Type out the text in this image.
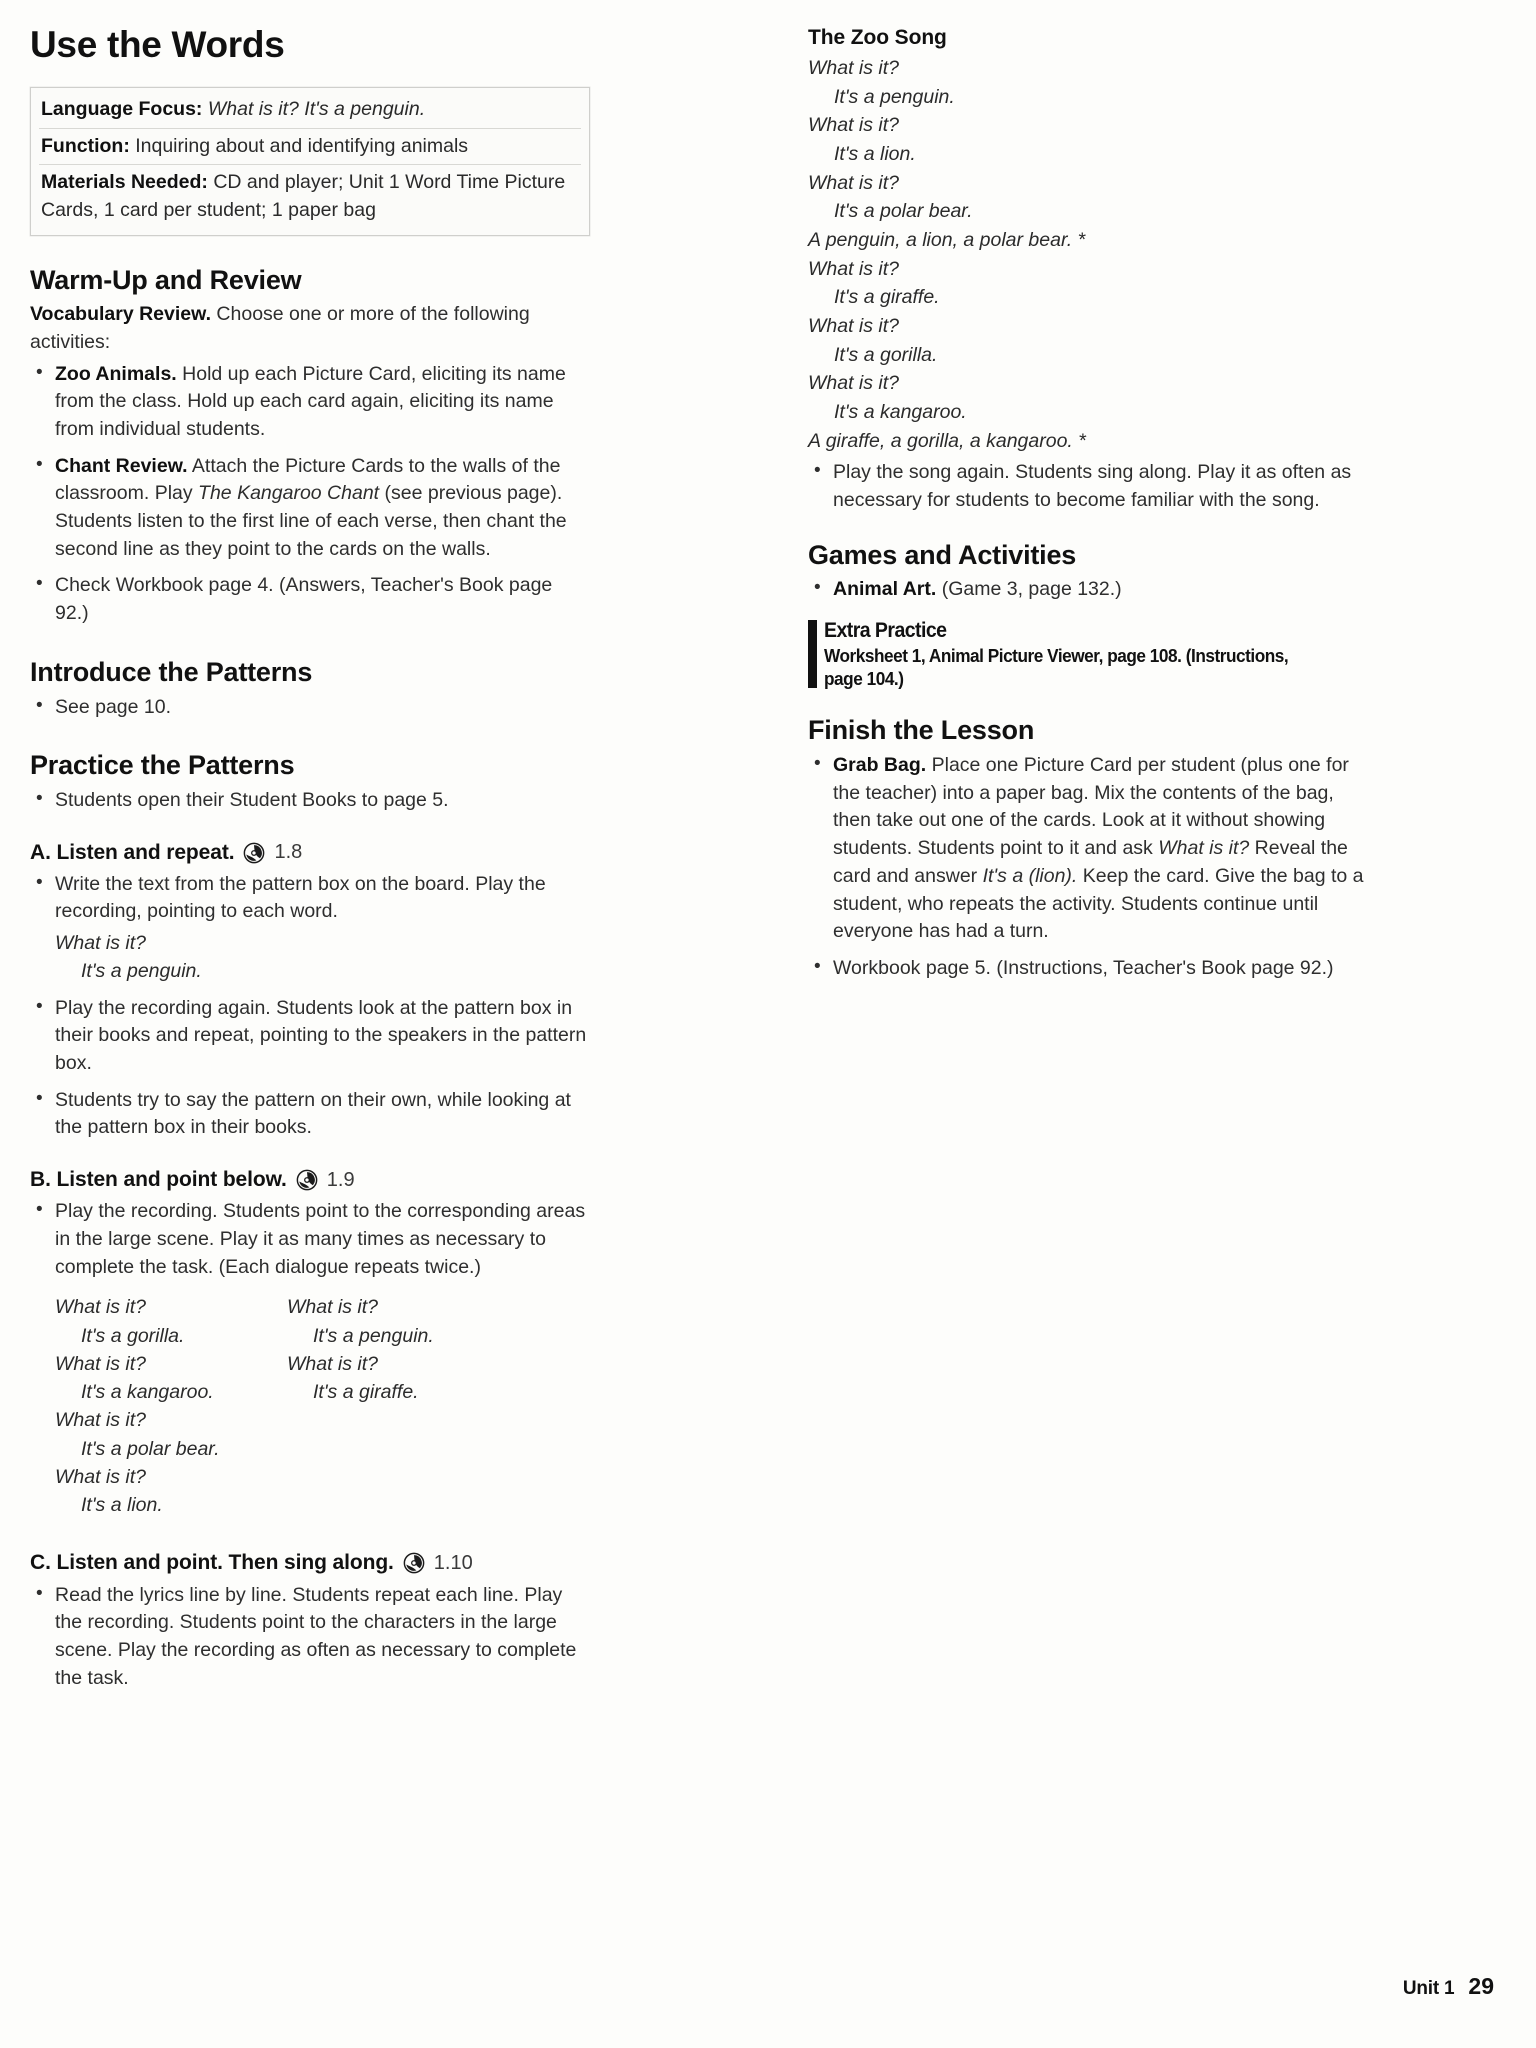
Use the Words
Language Focus: What is it? It's a penguin.
Function: Inquiring about and identifying animals
Materials Needed: CD and player; Unit 1 Word Time Picture Cards, 1 card per student; 1 paper bag
Warm-Up and Review

Vocabulary Review. Choose one or more of the following activities:

• Zoo Animals. Hold up each Picture Card, eliciting its name from the class. Hold up each card again, eliciting its name from individual students.
• Chant Review. Attach the Picture Cards to the walls of the classroom. Play The Kangaroo Chant (see previous page). Students listen to the first line of each verse, then chant the second line as they point to the cards on the walls.
• Check Workbook page 4. (Answers, Teacher's Book page 92.)
Introduce the Patterns
• See page 10.
Practice the Patterns
• Students open their Student Books to page 5.
A. Listen and repeat. 1.8
• Write the text from the pattern box on the board. Play the recording, pointing to each word.
What is it?
It's a penguin.
• Play the recording again. Students look at the pattern box in their books and repeat, pointing to the speakers in the pattern box.
• Students try to say the pattern on their own, while looking at the pattern box in their books.
B. Listen and point below. 1.9
• Play the recording. Students point to the corresponding areas in the large scene. Play it as many times as necessary to complete the task. (Each dialogue repeats twice.)
What is it?
It's a gorilla.
What is it?
It's a kangaroo.
What is it?
It's a polar bear.
What is it?
It's a lion.
What is it?
It's a penguin.
What is it?
It's a giraffe.
C. Listen and point. Then sing along. 1.10
• Read the lyrics line by line. Students repeat each line. Play the recording. Students point to the characters in the large scene. Play the recording as often as necessary to complete the task.
The Zoo Song
What is it?
It's a penguin.
What is it?
It's a lion.
What is it?
It's a polar bear.
A penguin, a lion, a polar bear. *
What is it?
It's a giraffe.
What is it?
It's a gorilla.
What is it?
It's a kangaroo.
A giraffe, a gorilla, a kangaroo. *
• Play the song again. Students sing along. Play it as often as necessary for students to become familiar with the song.
Games and Activities
• Animal Art. (Game 3, page 132.)
Extra Practice
Worksheet 1, Animal Picture Viewer, page 108. (Instructions, page 104.)
Finish the Lesson
• Grab Bag. Place one Picture Card per student (plus one for the teacher) into a paper bag. Mix the contents of the bag, then take out one of the cards. Look at it without showing students. Students point to it and ask What is it? Reveal the card and answer It's a (lion). Keep the card. Give the bag to a student, who repeats the activity. Students continue until everyone has had a turn.
• Workbook page 5. (Instructions, Teacher's Book page 92.)
Unit 1 29
